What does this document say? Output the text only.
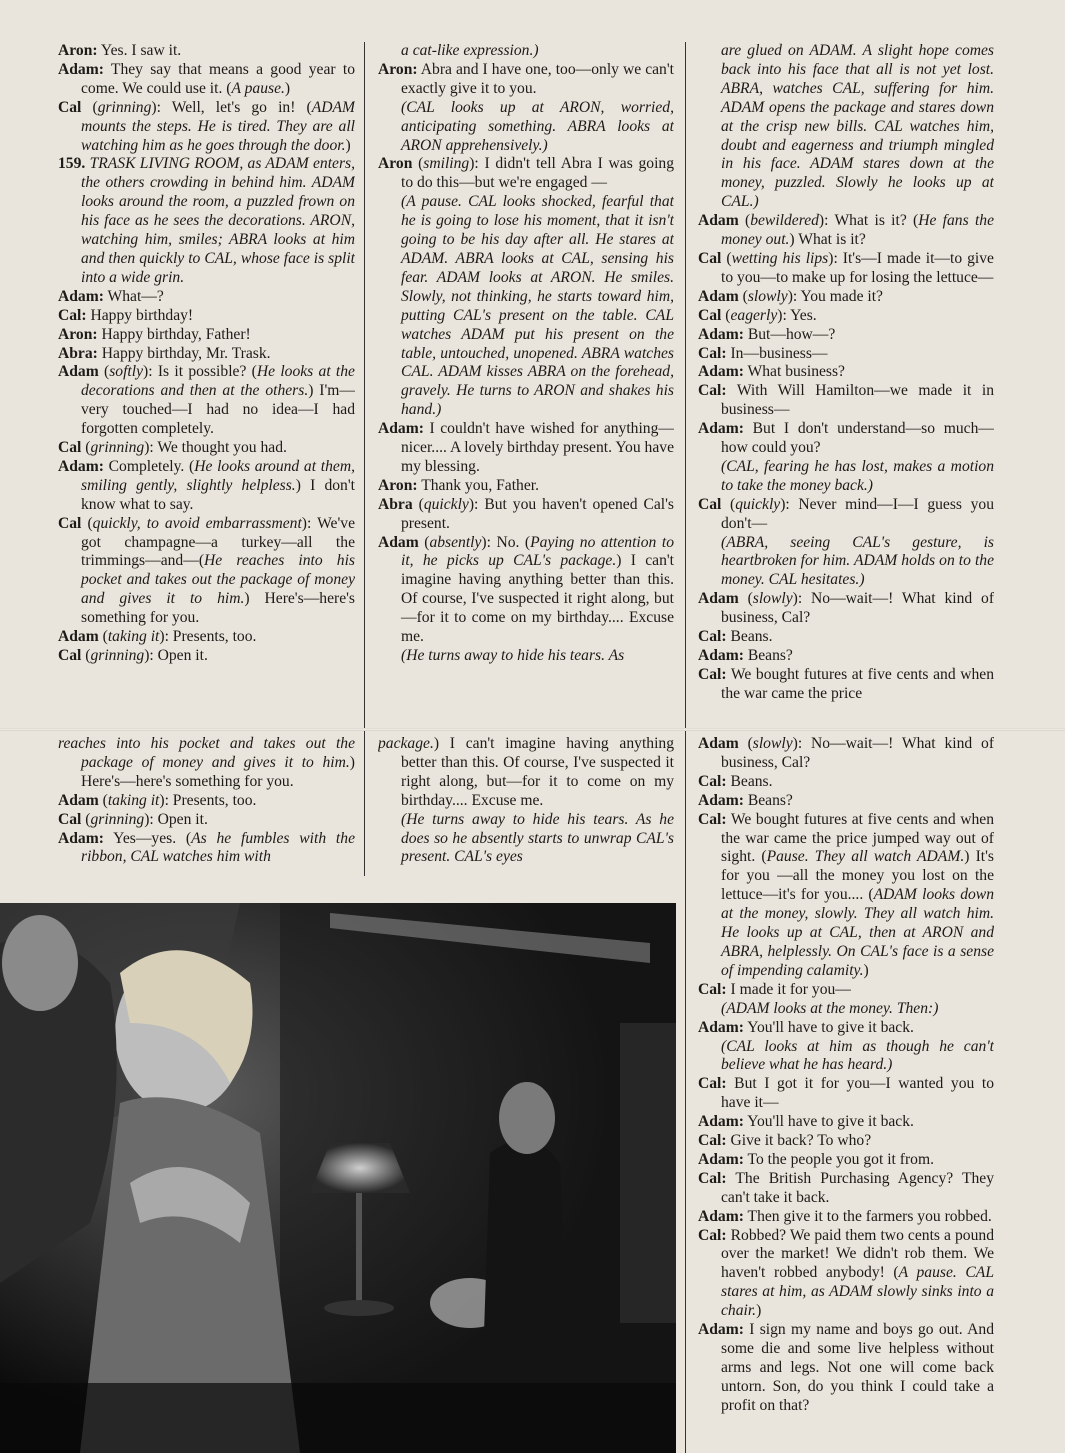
Aron: Yes. I saw it.

Adam: They say that means a good year to come. We could use it. (A pause.)

Cal (grinning): Well, let's go in! (ADAM mounts the steps. He is tired. They are all watching him as he goes through the door.)

159. TRASK LIVING ROOM, as ADAM enters, the others crowding in behind him. ADAM looks around the room, a puzzled frown on his face as he sees the decorations. ARON, watching him, smiles; ABRA looks at him and then quickly to CAL, whose face is split into a wide grin.

Adam: What—?

Cal: Happy birthday!

Aron: Happy birthday, Father!

Abra: Happy birthday, Mr. Trask.

Adam (softly): Is it possible? (He looks at the decorations and then at the others.) I'm—very touched—I had no idea—I had forgotten completely.

Cal (grinning): We thought you had.

Adam: Completely. (He looks around at them, smiling gently, slightly helpless.) I don't know what to say.

Cal (quickly, to avoid embarrassment): We've got champagne—a turkey—all the trimmings—and—(He reaches into his pocket and takes out the package of money and gives it to him.) Here's—here's something for you.

Adam (taking it): Presents, too.

Cal (grinning): Open it.

a cat-like expression.)

Aron: Abra and I have one, too—only we can't exactly give it to you.

(CAL looks up at ARON, worried, anticipating something. ABRA looks at ARON apprehensively.)

Aron (smiling): I didn't tell Abra I was going to do this—but we're engaged —

(A pause. CAL looks shocked, fearful that he is going to lose his moment, that it isn't going to be his day after all. He stares at ADAM. ABRA looks at CAL, sensing his fear. ADAM looks at ARON. He smiles. Slowly, not thinking, he starts toward him, putting CAL's present on the table. CAL watches ADAM put his present on the table, untouched, unopened. ABRA watches CAL. ADAM kisses ABRA on the forehead, gravely. He turns to ARON and shakes his hand.)

Adam: I couldn't have wished for anything—nicer.... A lovely birthday present. You have my blessing.

Aron: Thank you, Father.

Abra (quickly): But you haven't opened Cal's present.

Adam (absently): No. (Paying no attention to it, he picks up CAL's package.) I can't imagine having anything better than this. Of course, I've suspected it right along, but—for it to come on my birthday.... Excuse me.

(He turns away to hide his tears. As

are glued on ADAM. A slight hope comes back into his face that all is not yet lost. ABRA, watches CAL, suffering for him. ADAM opens the package and stares down at the crisp new bills. CAL watches him, doubt and eagerness and triumph mingled in his face. ADAM stares down at the money, puzzled. Slowly he looks up at CAL.)

Adam (bewildered): What is it? (He fans the money out.) What is it?

Cal (wetting his lips): It's—I made it—to give to you—to make up for losing the lettuce—

Adam (slowly): You made it?

Cal (eagerly): Yes.

Adam: But—how—?

Cal: In—business—

Adam: What business?

Cal: With Will Hamilton—we made it in business—

Adam: But I don't understand—so much—how could you?

(CAL, fearing he has lost, makes a motion to take the money back.)

Cal (quickly): Never mind—I—I guess you don't—

(ABRA, seeing CAL's gesture, is heartbroken for him. ADAM holds on to the money. CAL hesitates.)

Adam (slowly): No—wait—! What kind of business, Cal?

Cal: Beans.

Adam: Beans?

Cal: We bought futures at five cents and when the war came the price

reaches into his pocket and takes out the package of money and gives it to him.) Here's—here's something for you.

Adam (taking it): Presents, too.

Cal (grinning): Open it.

Adam: Yes—yes. (As he fumbles with the ribbon, CAL watches him with

package.) I can't imagine having anything better than this. Of course, I've suspected it right along, but—for it to come on my birthday.... Excuse me.

(He turns away to hide his tears. As he does so he absently starts to unwrap CAL's present. CAL's eyes

Adam (slowly): No—wait—! What kind of business, Cal?

Cal: Beans.

Adam: Beans?

Cal: We bought futures at five cents and when the war came the price jumped way out of sight. (Pause. They all watch ADAM.) It's for you —all the money you lost on the lettuce—it's for you.... (ADAM looks down at the money, slowly. They all watch him. He looks up at CAL, then at ARON and ABRA, helplessly. On CAL's face is a sense of impending calamity.)

Cal: I made it for you—

(ADAM looks at the money. Then:)

Adam: You'll have to give it back.

(CAL looks at him as though he can't believe what he has heard.)

Cal: But I got it for you—I wanted you to have it—

Adam: You'll have to give it back.

Cal: Give it back? To who?

Adam: To the people you got it from.

Cal: The British Purchasing Agency? They can't take it back.

Adam: Then give it to the farmers you robbed.

Cal: Robbed? We paid them two cents a pound over the market! We didn't rob them. We haven't robbed anybody! (A pause. CAL stares at him, as ADAM slowly sinks into a chair.)

Adam: I sign my name and boys go out. And some die and some live helpless without arms and legs. Not one will come back untorn. Son, do you think I could take a profit on that?
